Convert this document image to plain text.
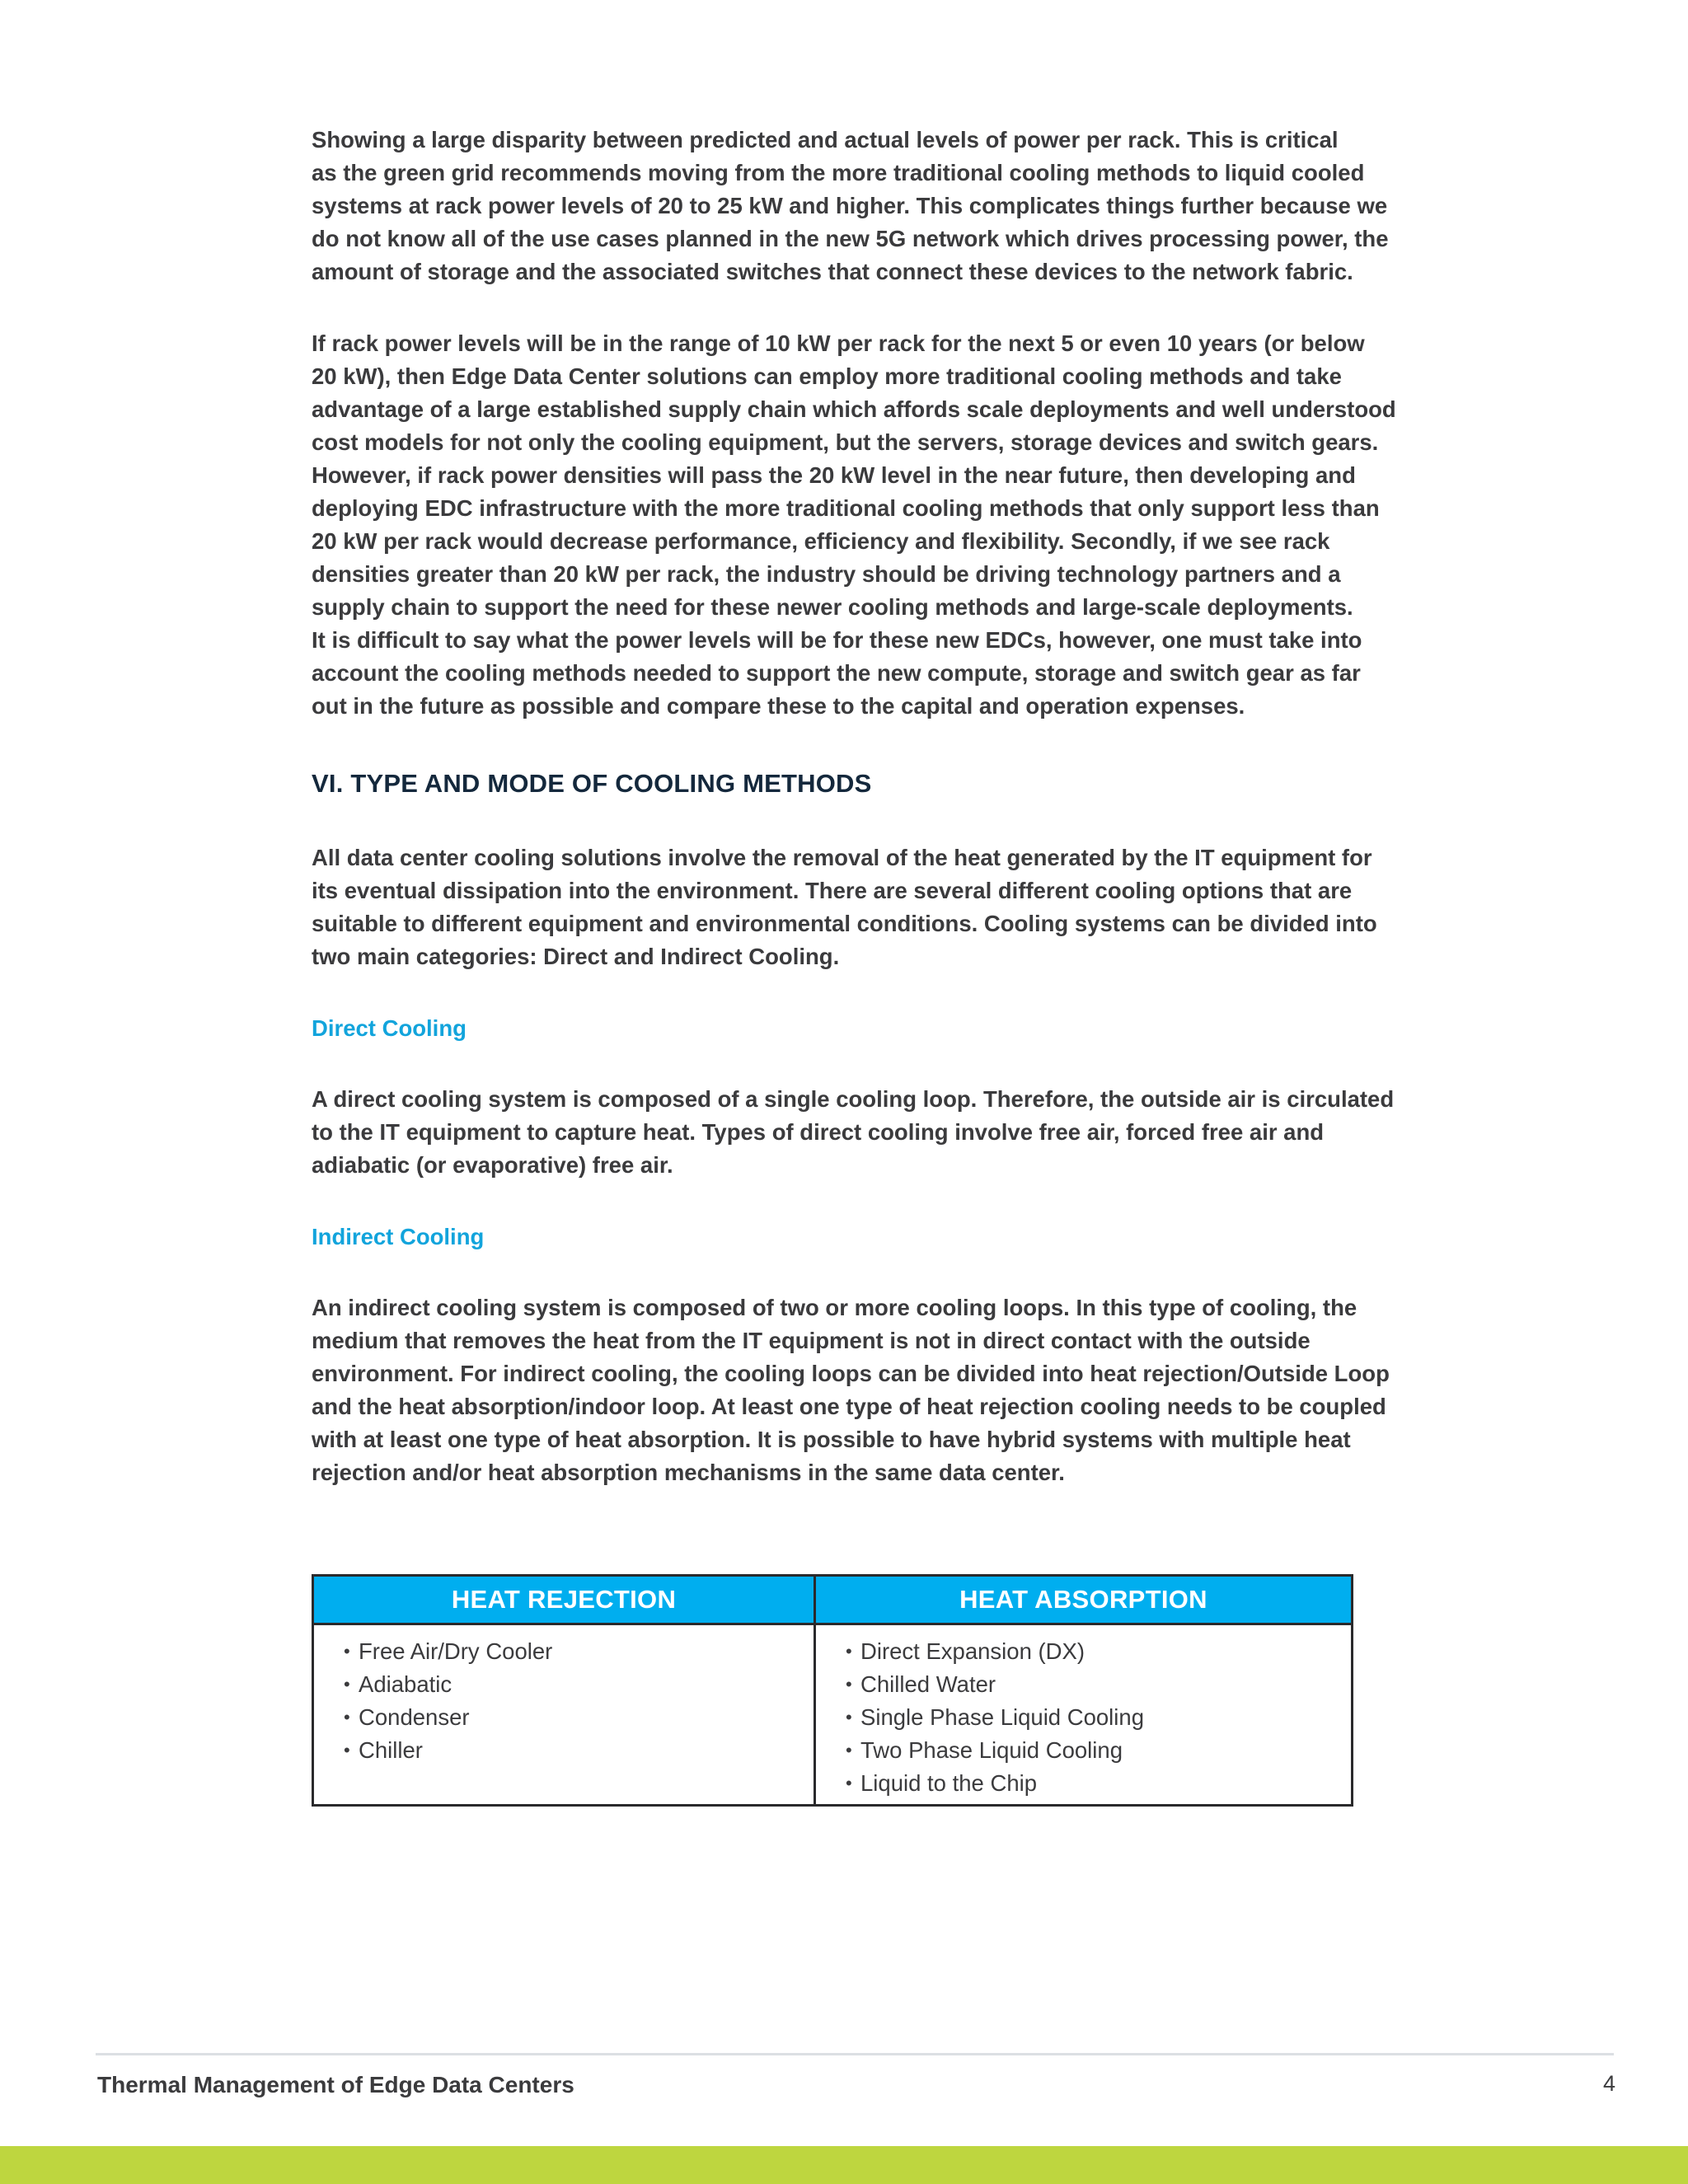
Showing a large disparity between predicted and actual levels of power per rack. This is critical
as the green grid recommends moving from the more traditional cooling methods to liquid cooled
systems at rack power levels of 20 to 25 kW and higher. This complicates things further because we
do not know all of the use cases planned in the new 5G network which drives processing power, the
amount of storage and the associated switches that connect these devices to the network fabric.

If rack power levels will be in the range of 10 kW per rack for the next 5 or even 10 years (or below
20 kW), then Edge Data Center solutions can employ more traditional cooling methods and take
advantage of a large established supply chain which affords scale deployments and well understood
cost models for not only the cooling equipment, but the servers, storage devices and switch gears.
However, if rack power densities will pass the 20 kW level in the near future, then developing and
deploying EDC infrastructure with the more traditional cooling methods that only support less than
20 kW per rack would decrease performance, efficiency and flexibility. Secondly, if we see rack
densities greater than 20 kW per rack, the industry should be driving technology partners and a
supply chain to support the need for these newer cooling methods and large-scale deployments.
It is difficult to say what the power levels will be for these new EDCs, however, one must take into
account the cooling methods needed to support the new compute, storage and switch gear as far
out in the future as possible and compare these to the capital and operation expenses.

VI. TYPE AND MODE OF COOLING METHODS

All data center cooling solutions involve the removal of the heat generated by the IT equipment for
its eventual dissipation into the environment. There are several different cooling options that are
suitable to different equipment and environmental conditions. Cooling systems can be divided into
two main categories: Direct and Indirect Cooling.

Direct Cooling

A direct cooling system is composed of a single cooling loop. Therefore, the outside air is circulated
to the IT equipment to capture heat. Types of direct cooling involve free air, forced free air and
adiabatic (or evaporative) free air.

Indirect Cooling

An indirect cooling system is composed of two or more cooling loops. In this type of cooling, the
medium that removes the heat from the IT equipment is not in direct contact with the outside
environment. For indirect cooling, the cooling loops can be divided into heat rejection/Outside Loop
and the heat absorption/indoor loop. At least one type of heat rejection cooling needs to be coupled
with at least one type of heat absorption. It is possible to have hybrid systems with multiple heat
rejection and/or heat absorption mechanisms in the same data center.

HEAT REJECTION
• Free Air/Dry Cooler
• Adiabatic
• Condenser
• Chiller
HEAT ABSORPTION
• Direct Expansion (DX)
• Chilled Water
• Single Phase Liquid Cooling
• Two Phase Liquid Cooling
• Liquid to the Chip
Thermal Management of Edge Data Centers	4
